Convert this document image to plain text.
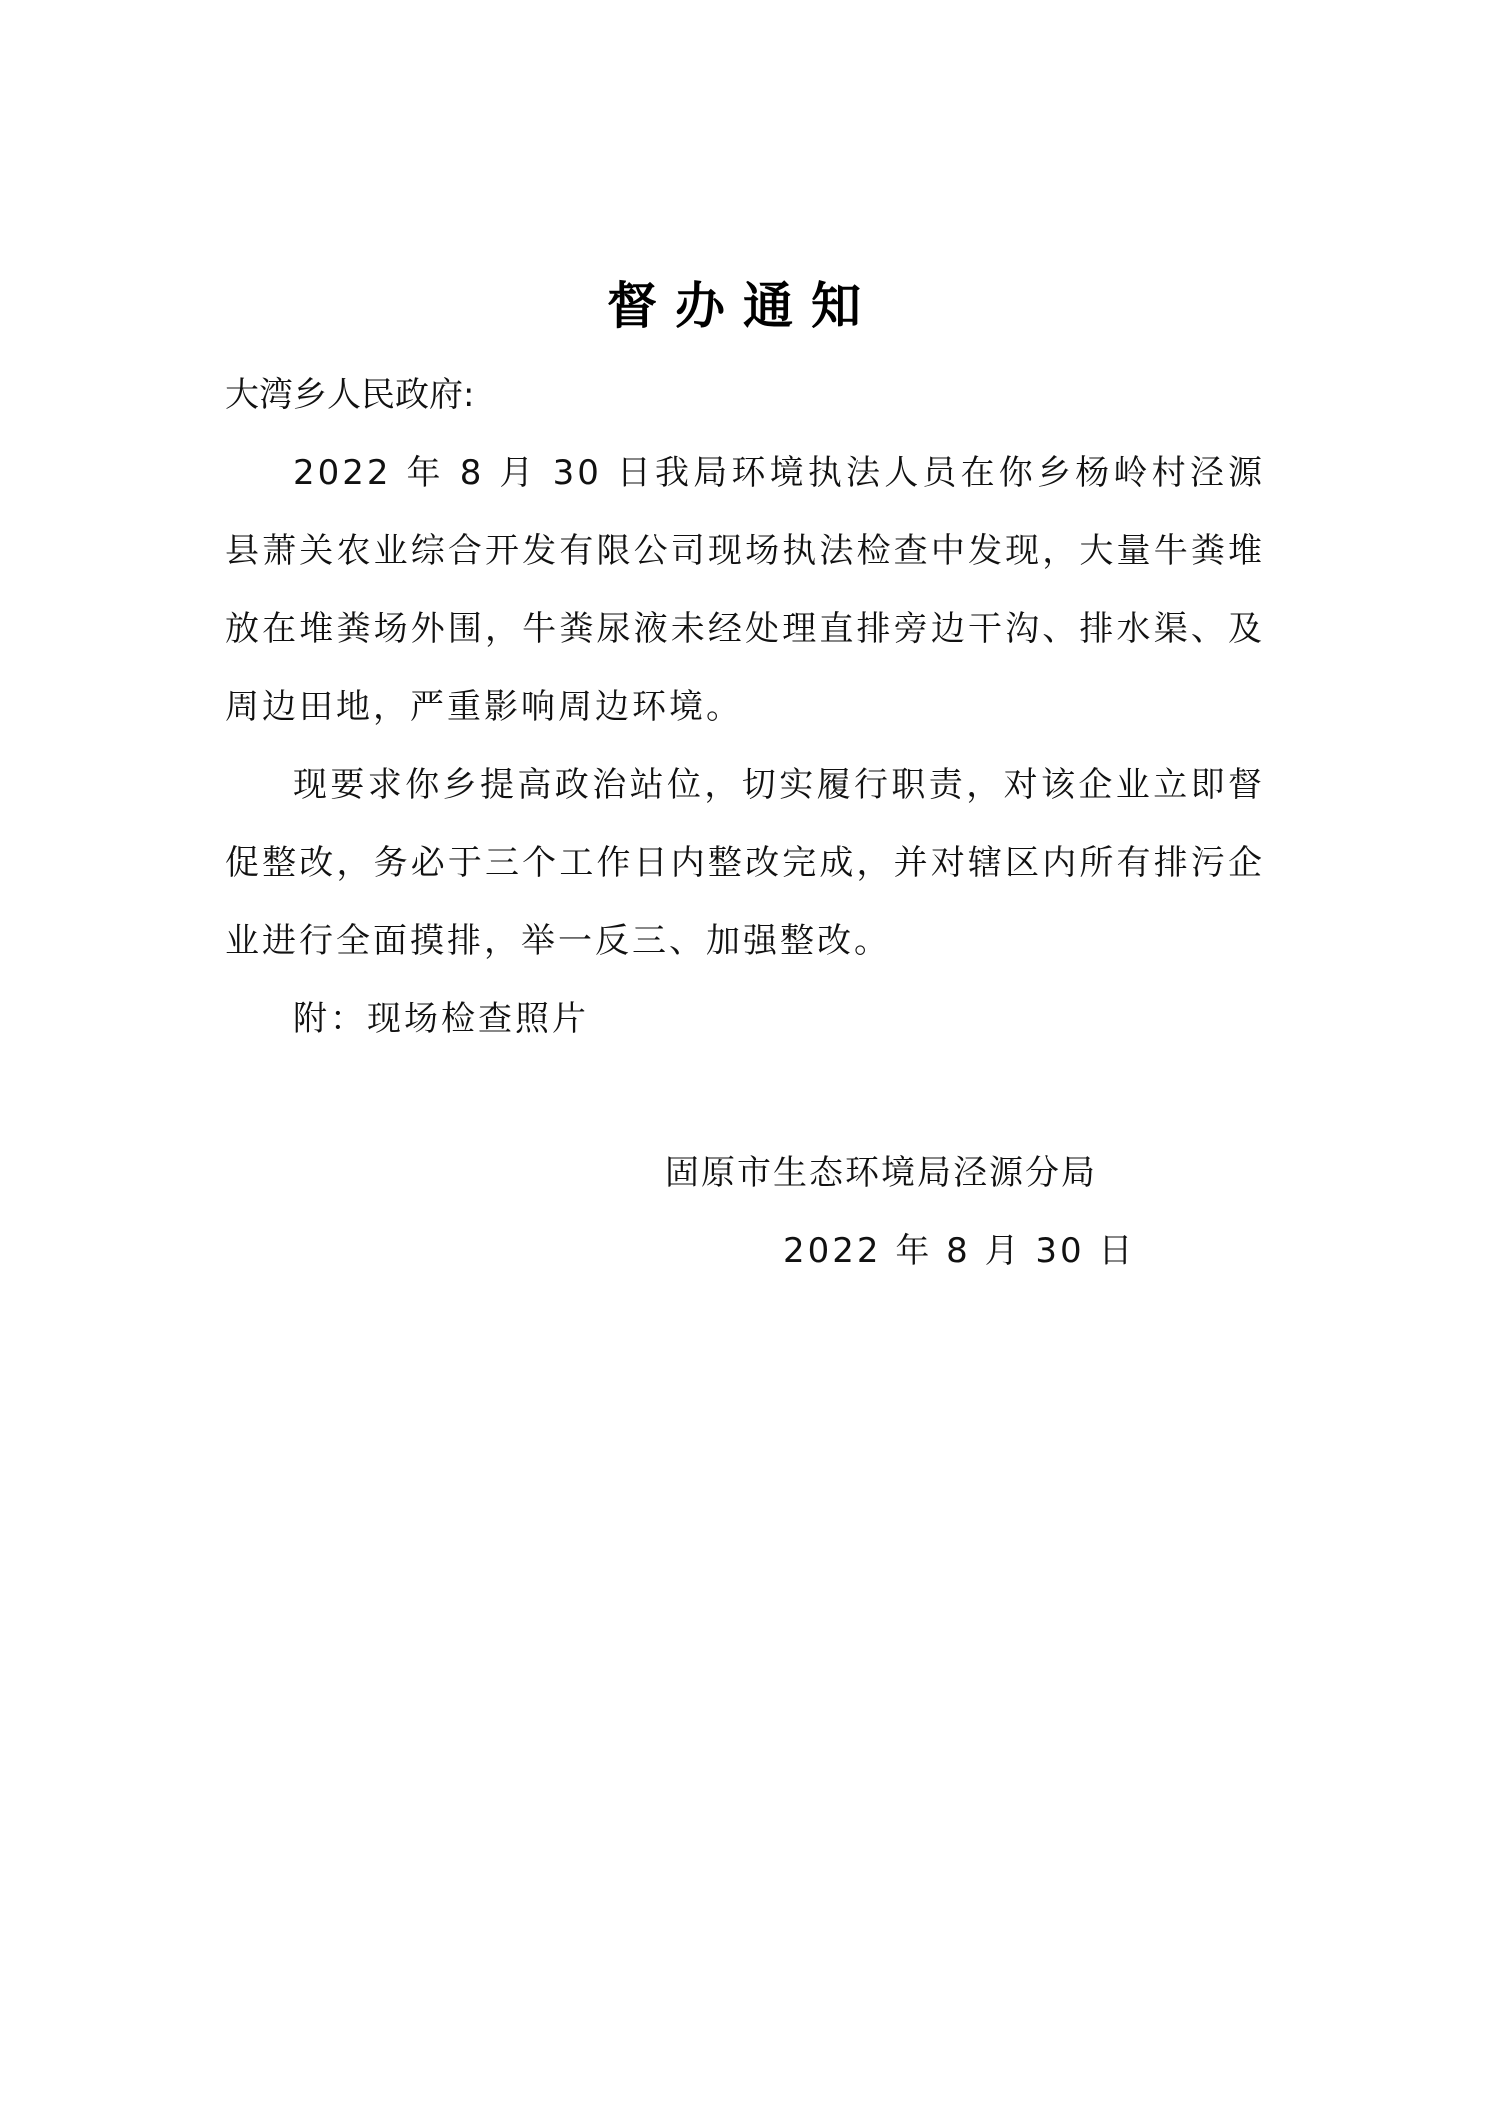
督办通知

大湾乡人民政府:

2022 年 8 月 30 日我局环境执法人员在你乡杨岭村泾源县萧关农业综合开发有限公司现场执法检查中发现，大量牛粪堆放在堆粪场外围，牛粪尿液未经处理直排旁边干沟、排水渠、及周边田地，严重影响周边环境。

现要求你乡提高政治站位，切实履行职责，对该企业立即督促整改，务必于三个工作日内整改完成，并对辖区内所有排污企业进行全面摸排，举一反三、加强整改。

附：现场检查照片

固原市生态环境局泾源分局
2022 年 8 月 30 日
